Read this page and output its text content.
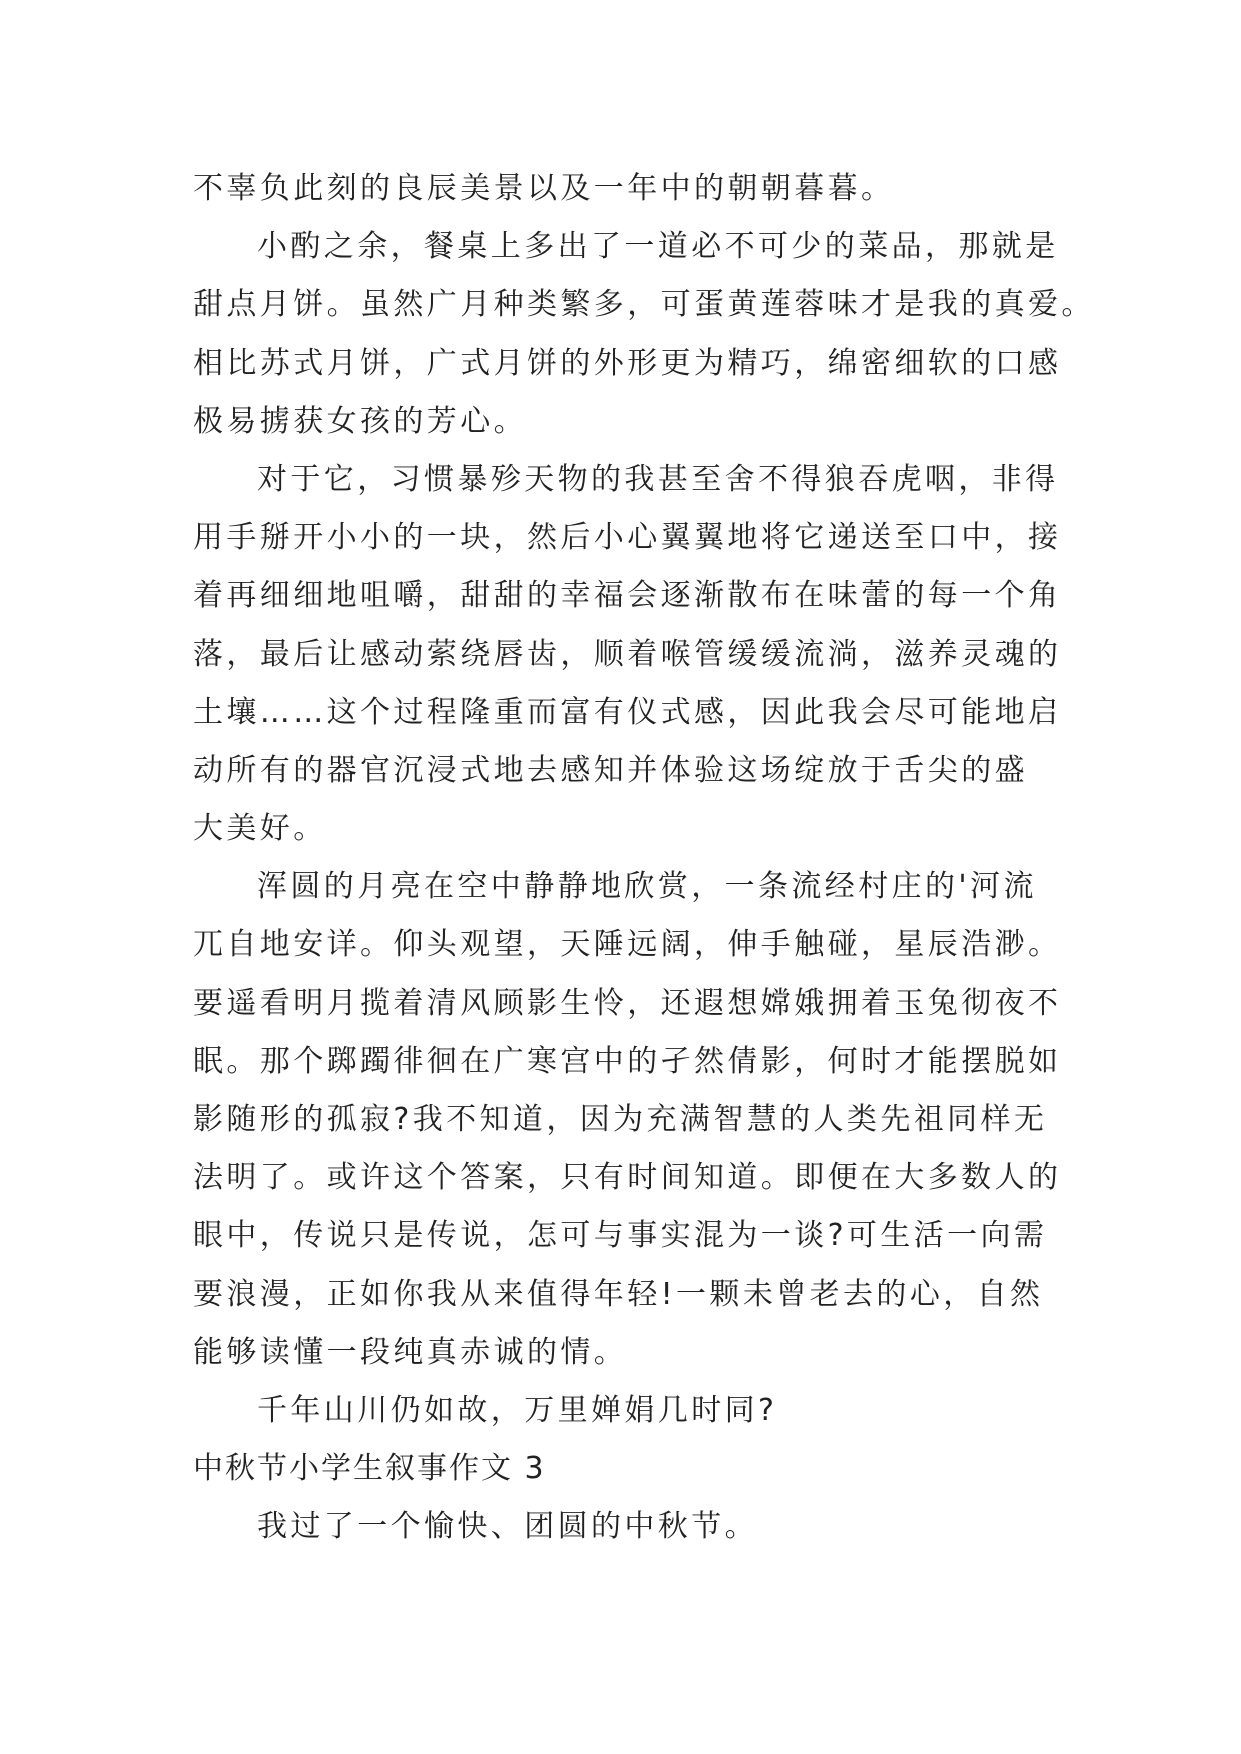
不辜负此刻的良辰美景以及一年中的朝朝暮暮。
小酌之余，餐桌上多出了一道必不可少的菜品，那就是
甜点月饼。虽然广月种类繁多，可蛋黄莲蓉味才是我的真爱。
相比苏式月饼，广式月饼的外形更为精巧，绵密细软的口感
极易掳获女孩的芳心。
对于它，习惯暴殄天物的我甚至舍不得狼吞虎咽，非得
用手掰开小小的一块，然后小心翼翼地将它递送至口中，接
着再细细地咀嚼，甜甜的幸福会逐渐散布在味蕾的每一个角
落，最后让感动萦绕唇齿，顺着喉管缓缓流淌，滋养灵魂的
土壤……这个过程隆重而富有仪式感，因此我会尽可能地启
动所有的器官沉浸式地去感知并体验这场绽放于舌尖的盛
大美好。
浑圆的月亮在空中静静地欣赏，一条流经村庄的'河流
兀自地安详。仰头观望，天陲远阔，伸手触碰，星辰浩渺。
要遥看明月揽着清风顾影生怜，还遐想嫦娥拥着玉兔彻夜不
眠。那个踯躅徘徊在广寒宫中的孑然倩影，何时才能摆脱如
影随形的孤寂?我不知道，因为充满智慧的人类先祖同样无
法明了。或许这个答案，只有时间知道。即便在大多数人的
眼中，传说只是传说，怎可与事实混为一谈?可生活一向需
要浪漫，正如你我从来值得年轻!一颗未曾老去的心，自然
能够读懂一段纯真赤诚的情。
千年山川仍如故，万里婵娟几时同?
中秋节小学生叙事作文 3
我过了一个愉快、团圆的中秋节。
